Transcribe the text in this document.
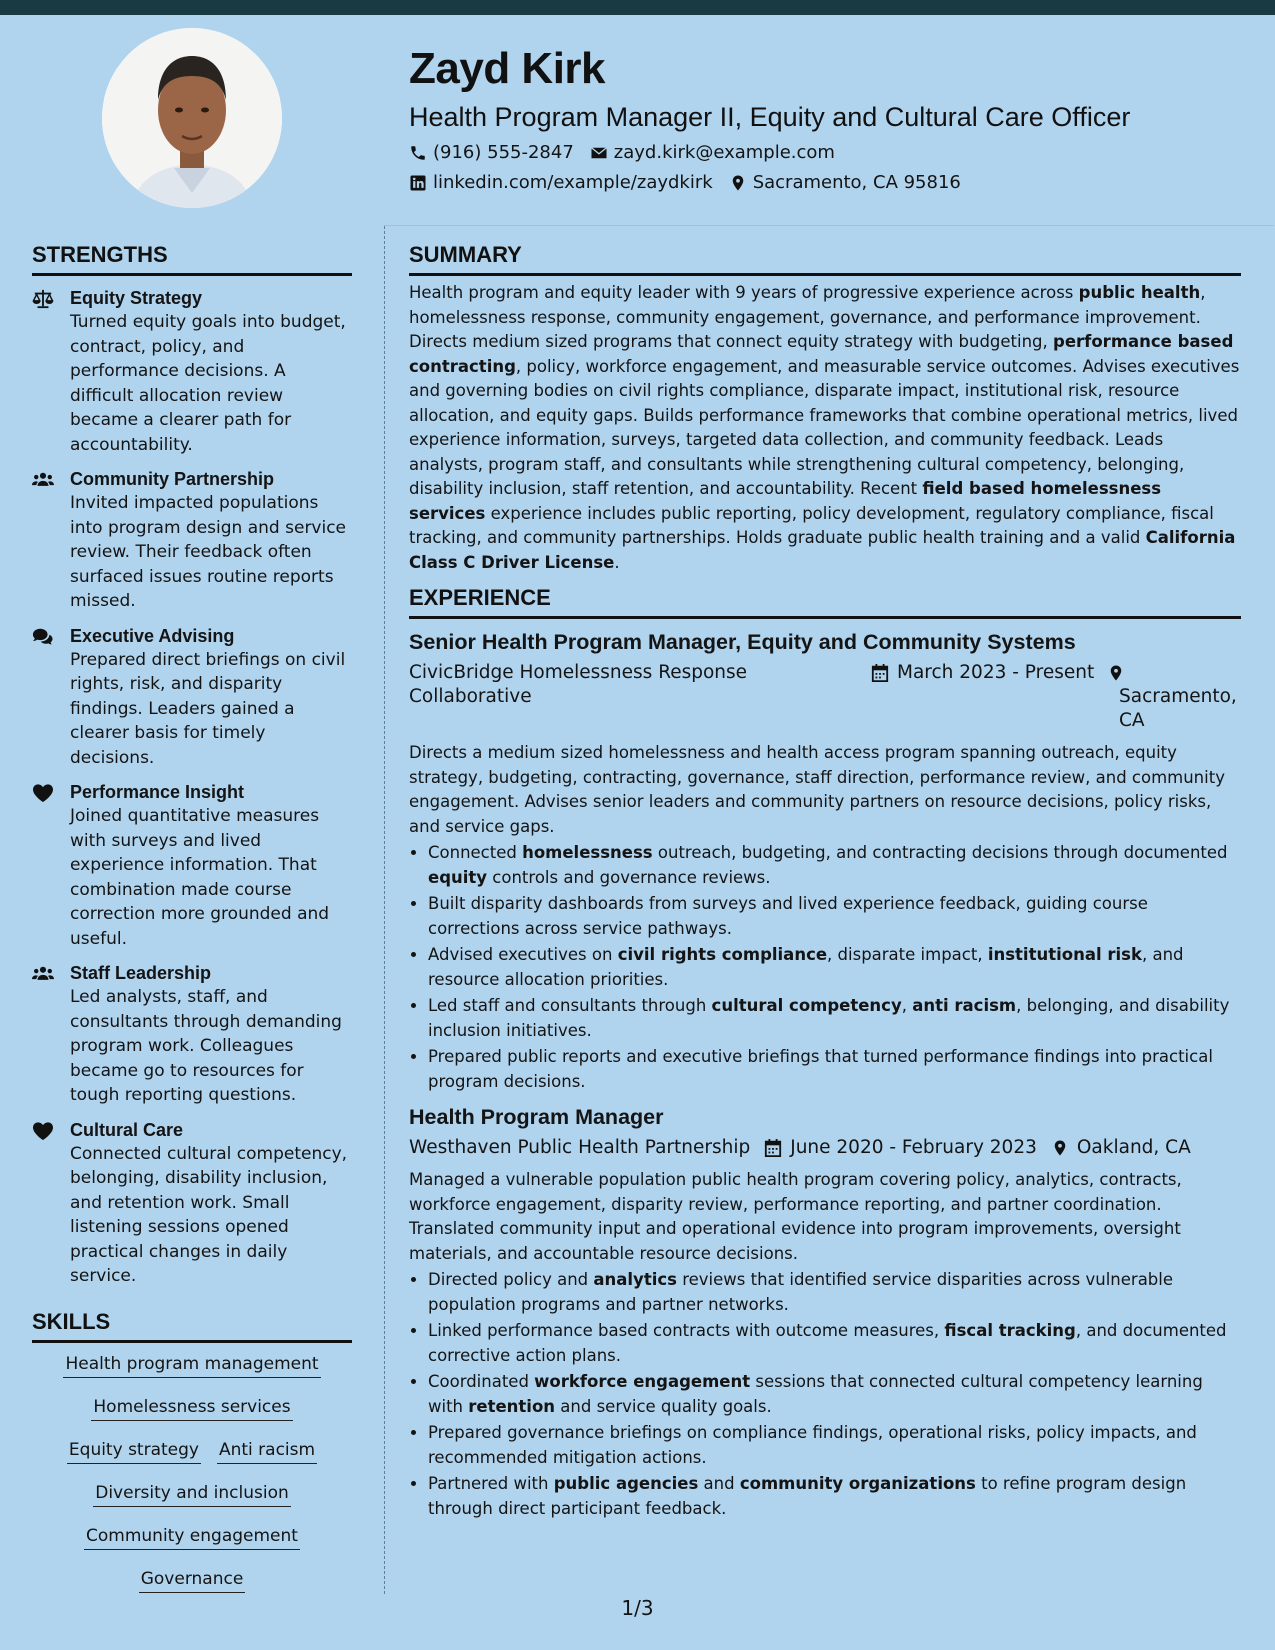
Zayd Kirk
Health Program Manager II, Equity and Cultural Care Officer
(916) 555-2847 zayd.kirk@example.com
linkedin.com/example/zaydkirk Sacramento, CA 95816
STRENGTHS
Equity Strategy
Turned equity goals into budget, contract, policy, and performance decisions. A difficult allocation review became a clearer path for accountability.
Community Partnership
Invited impacted populations into program design and service review. Their feedback often surfaced issues routine reports missed.
Executive Advising
Prepared direct briefings on civil rights, risk, and disparity findings. Leaders gained a clearer basis for timely decisions.
Performance Insight
Joined quantitative measures with surveys and lived experience information. That combination made course correction more grounded and useful.
Staff Leadership
Led analysts, staff, and consultants through demanding program work. Colleagues became go to resources for tough reporting questions.
Cultural Care
Connected cultural competency, belonging, disability inclusion, and retention work. Small listening sessions opened practical changes in daily service.
SKILLS
Health program management
Homelessness services
Equity strategy Anti racism
Diversity and inclusion
Community engagement
Governance
SUMMARY
Health program and equity leader with 9 years of progressive experience across public health, homelessness response, community engagement, governance, and performance improvement. Directs medium sized programs that connect equity strategy with budgeting, performance based contracting, policy, workforce engagement, and measurable service outcomes. Advises executives and governing bodies on civil rights compliance, disparate impact, institutional risk, resource allocation, and equity gaps. Builds performance frameworks that combine operational metrics, lived experience information, surveys, targeted data collection, and community feedback. Leads analysts, program staff, and consultants while strengthening cultural competency, belonging, disability inclusion, staff retention, and accountability. Recent field based homelessness services experience includes public reporting, policy development, regulatory compliance, fiscal tracking, and community partnerships. Holds graduate public health training and a valid California Class C Driver License.
EXPERIENCE
Senior Health Program Manager, Equity and Community Systems
CivicBridge Homelessness Response Collaborative
March 2023 - Present
Sacramento, CA
Directs a medium sized homelessness and health access program spanning outreach, equity strategy, budgeting, contracting, governance, staff direction, performance review, and community engagement. Advises senior leaders and community partners on resource decisions, policy risks, and service gaps.
• Connected homelessness outreach, budgeting, and contracting decisions through documented equity controls and governance reviews.
• Built disparity dashboards from surveys and lived experience feedback, guiding course corrections across service pathways.
• Advised executives on civil rights compliance, disparate impact, institutional risk, and resource allocation priorities.
• Led staff and consultants through cultural competency, anti racism, belonging, and disability inclusion initiatives.
• Prepared public reports and executive briefings that turned performance findings into practical program decisions.
Health Program Manager
Westhaven Public Health Partnership June 2020 - February 2023 Oakland, CA
Managed a vulnerable population public health program covering policy, analytics, contracts, workforce engagement, disparity review, performance reporting, and partner coordination. Translated community input and operational evidence into program improvements, oversight materials, and accountable resource decisions.
• Directed policy and analytics reviews that identified service disparities across vulnerable population programs and partner networks.
• Linked performance based contracts with outcome measures, fiscal tracking, and documented corrective action plans.
• Coordinated workforce engagement sessions that connected cultural competency learning with retention and service quality goals.
• Prepared governance briefings on compliance findings, operational risks, policy impacts, and recommended mitigation actions.
• Partnered with public agencies and community organizations to refine program design through direct participant feedback.
1/3
